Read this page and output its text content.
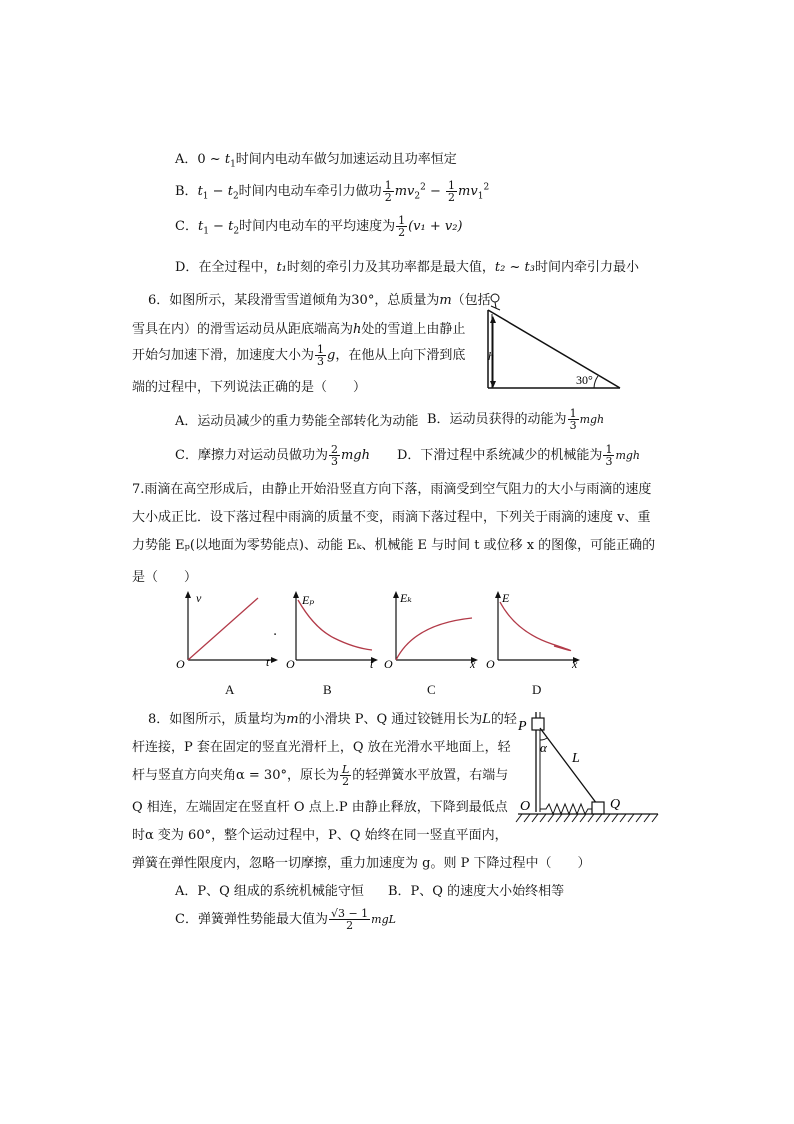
A．0 ~ $t_1$时间内电动车做匀加速运动且功率恒定
B．$t_1 - t_2$时间内电动车牵引力做功 $\frac{1}{2} mv_2^2 - \frac{1}{2} mv_1^2$
C．$t_1 - t_2$时间内电动车的平均速度为 $\frac{1}{2} (v_1 + v_2)$
D．在全过程中，t₁时刻的牵引力及其功率都是最大值，t₂ ~ t₃时间内牵引力最小
6．如图所示，某段滑雪雪道倾角为30°，总质量为m（包括
雪具在内）的滑雪运动员从距底端高为h处的雪道上由静止
开始匀加速下滑，加速度大小为 $\frac{1}{3}$ g，在他从上向下滑到底
端的过程中，下列说法正确的是（　　）
h
30°
A．运动员减少的重力势能全部转化为动能 B．运动员获得的动能为 $\frac{1}{3}$ mgh
C．摩擦力对运动员做功为 $\frac{2}{3}$ mgh D．下滑过程中系统减少的机械能为 $\frac{1}{3}$ mgh
7.雨滴在高空形成后，由静止开始沿竖直方向下落，雨滴受到空气阻力的大小与雨滴的速度
大小成正比．设下落过程中雨滴的质量不变，雨滴下落过程中，下列关于雨滴的速度 v、重
力势能 Eₚ(以地面为零势能点)、动能 Eₖ、机械能 E 与时间 t 或位移 x 的图像，可能正确的
是（　　）
v
t
O
A
.
Eₚ
t
O
B
Eₖ
x
O
C
E
x
O
D
8．如图所示，质量均为m的小滑块 P、Q 通过铰链用长为L的轻
杆连接，P 套在固定的竖直光滑杆上，Q 放在光滑水平地面上，轻
杆与竖直方向夹角α = 30°，原长为 $\frac{L}{2}$ 的轻弹簧水平放置，右端与
Q 相连，左端固定在竖直杆 O 点上.P 由静止释放，下降到最低点
时α 变为 60°，整个运动过程中，P、Q 始终在同一竖直平面内，
弹簧在弹性限度内，忽略一切摩擦，重力加速度为 g。则 P 下降过程中（　　）
P
α
L
O	Q
A．P、Q 组成的系统机械能守恒 B．P、Q 的速度大小始终相等
C．弹簧弹性势能最大值为 $\frac{√3 - 1}{2}$ mgL
